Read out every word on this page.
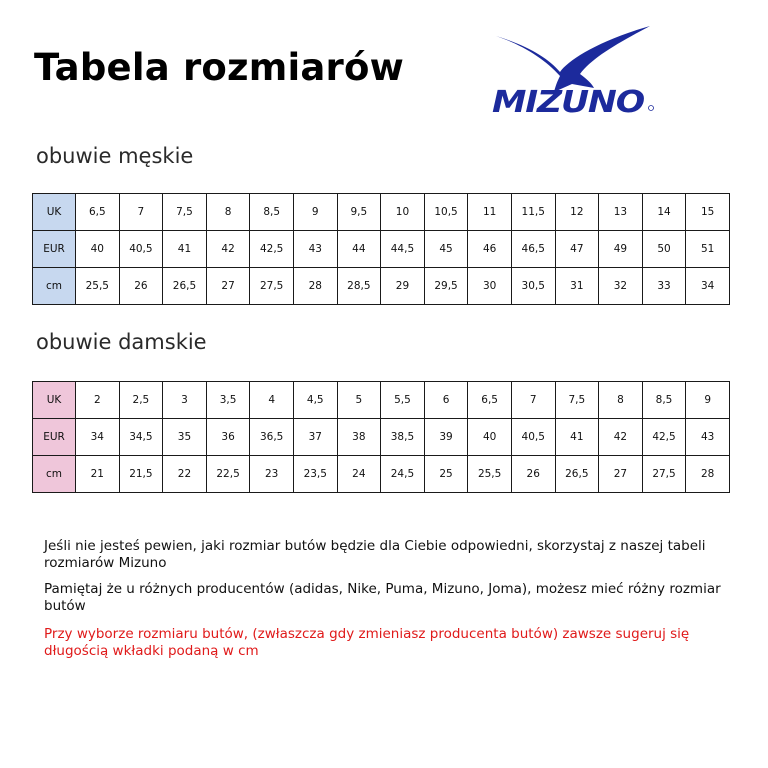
Tabela rozmiarów
MIZUNO
obuwie męskie
UK	6,5	7	7,5	8	8,5	9	9,5	10	10,5	11	11,5	12	13	14	15
EUR	40	40,5	41	42	42,5	43	44	44,5	45	46	46,5	47	49	50	51
cm	25,5	26	26,5	27	27,5	28	28,5	29	29,5	30	30,5	31	32	33	34
obuwie damskie
UK	2	2,5	3	3,5	4	4,5	5	5,5	6	6,5	7	7,5	8	8,5	9
EUR	34	34,5	35	36	36,5	37	38	38,5	39	40	40,5	41	42	42,5	43
cm	21	21,5	22	22,5	23	23,5	24	24,5	25	25,5	26	26,5	27	27,5	28
Jeśli nie jesteś pewien, jaki rozmiar butów będzie dla Ciebie odpowiedni, skorzystaj z naszej tabeli rozmiarów Mizuno
Pamiętaj że u różnych producentów (adidas, Nike, Puma, Mizuno, Joma), możesz mieć różny rozmiar butów
Przy wyborze rozmiaru butów, (zwłaszcza gdy zmieniasz producenta butów) zawsze sugeruj się długością wkładki podaną w cm
